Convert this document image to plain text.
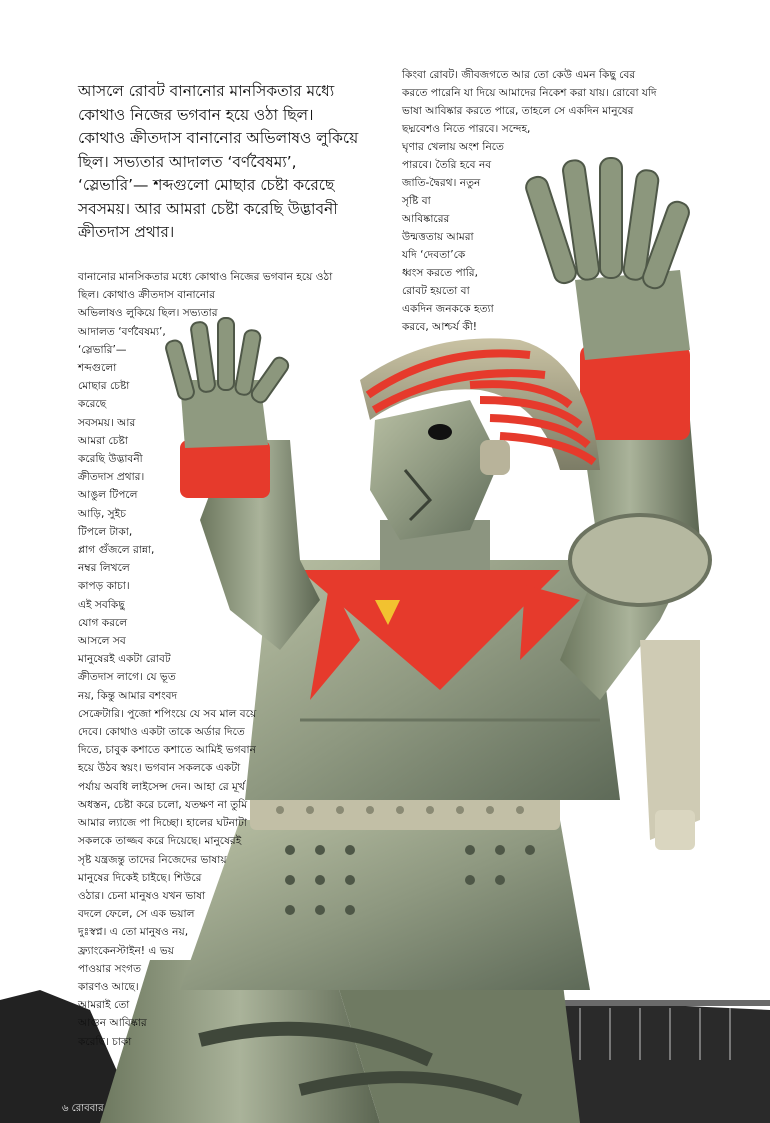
আসলে রোবট বানানোর মানসিকতার মধ্যে
কোথাও নিজের ভগবান হয়ে ওঠা ছিল।
কোথাও ক্রীতদাস বানানোর অভিলাষও লুকিয়ে
ছিল। সভ্যতার আদালত ‘বর্ণবৈষম্য’,
‘স্লেভারি’— শব্দগুলো মোছার চেষ্টা করেছে
সবসময়। আর আমরা চেষ্টা করেছি উদ্ভাবনী
ক্রীতদাস প্রথার।
কিংবা রোবট। জীবজগতে আর তো কেউ এমন কিছু বের
করতে পারেনি যা দিয়ে আমাদের নিকেশ করা যায়। রোবো যদি
ভাষা আবিষ্কার করতে পারে, তাহলে সে একদিন মানুষের
ছদ্মবেশও নিতে পারবে। সন্দেহ,
ঘৃণার খেলায় অংশ নিতে
পারবে। তৈরি হবে নব
জাতি-দ্বৈরথ। নতুন
সৃষ্টি বা
আবিষ্কারের
উন্মত্ততায় আমরা
যদি ‘দেবতা’কে
ধ্বংস করতে পারি,
রোবট হয়তো বা
একদিন জনককে হত্যা
করবে, আশ্চর্য কী!
বানানোর মানসিকতার মধ্যে কোথাও নিজের ভগবান হয়ে ওঠা
ছিল। কোথাও ক্রীতদাস বানানোর
অভিলাষও লুকিয়ে ছিল। সভ্যতার
আদালত ‘বর্ণবৈষম্য’,
‘স্লেভারি’—
শব্দগুলো
মোছার চেষ্টা
করেছে
সবসময়। আর
আমরা চেষ্টা
করেছি উদ্ভাবনী
ক্রীতদাস প্রথার।
আঙুল টিপলে
আড়ি, সুইচ
টিপলে টাকা,
প্লাগ গুঁজলে রান্না,
নম্বর লিখলে
কাপড় কাচা।
এই সবকিছু
যোগ করলে
আসলে সব
মানুষেরই একটা রোবট
ক্রীতদাস লাগে। যে ভূত
নয়, কিন্তু আমার বশংবদ
সেক্রেটারি। পুজো শপিংয়ে যে সব মাল বয়ে
দেবে। কোথাও একটা তাকে অর্ডার দিতে
দিতে, চাবুক কশাতে কশাতে আমিই ভগবান
হয়ে উঠব স্বয়ং। ভগবান সকলকে একটা
পর্যায় অবধি লাইসেন্স দেন। আহা রে মূর্খ
অধস্তন, চেষ্টা করে চলো, যতক্ষণ না তুমি
আমার ল্যাজে পা দিচ্ছো। হালের ঘটনাটা
সকলকে তাজ্জব করে দিয়েছে। মানুষেরই
সৃষ্ট যন্ত্রজন্তু তাদের নিজেদের ভাষায়
মানুষের দিকেই চাইছে। শিউরে
ওঠার। চেনা মানুষও যখন ভাষা
বদলে ফেলে, সে এক ভয়াল
দুঃস্বপ্ন। এ তো মানুষও নয়,
ফ্র্যাংকেনস্টাইন! এ ভয়
পাওয়ার সংগত
কারণও আছে।
আমরাই তো
আগুন আবিষ্কার
করেছি। চাকা
৬ রোববার
